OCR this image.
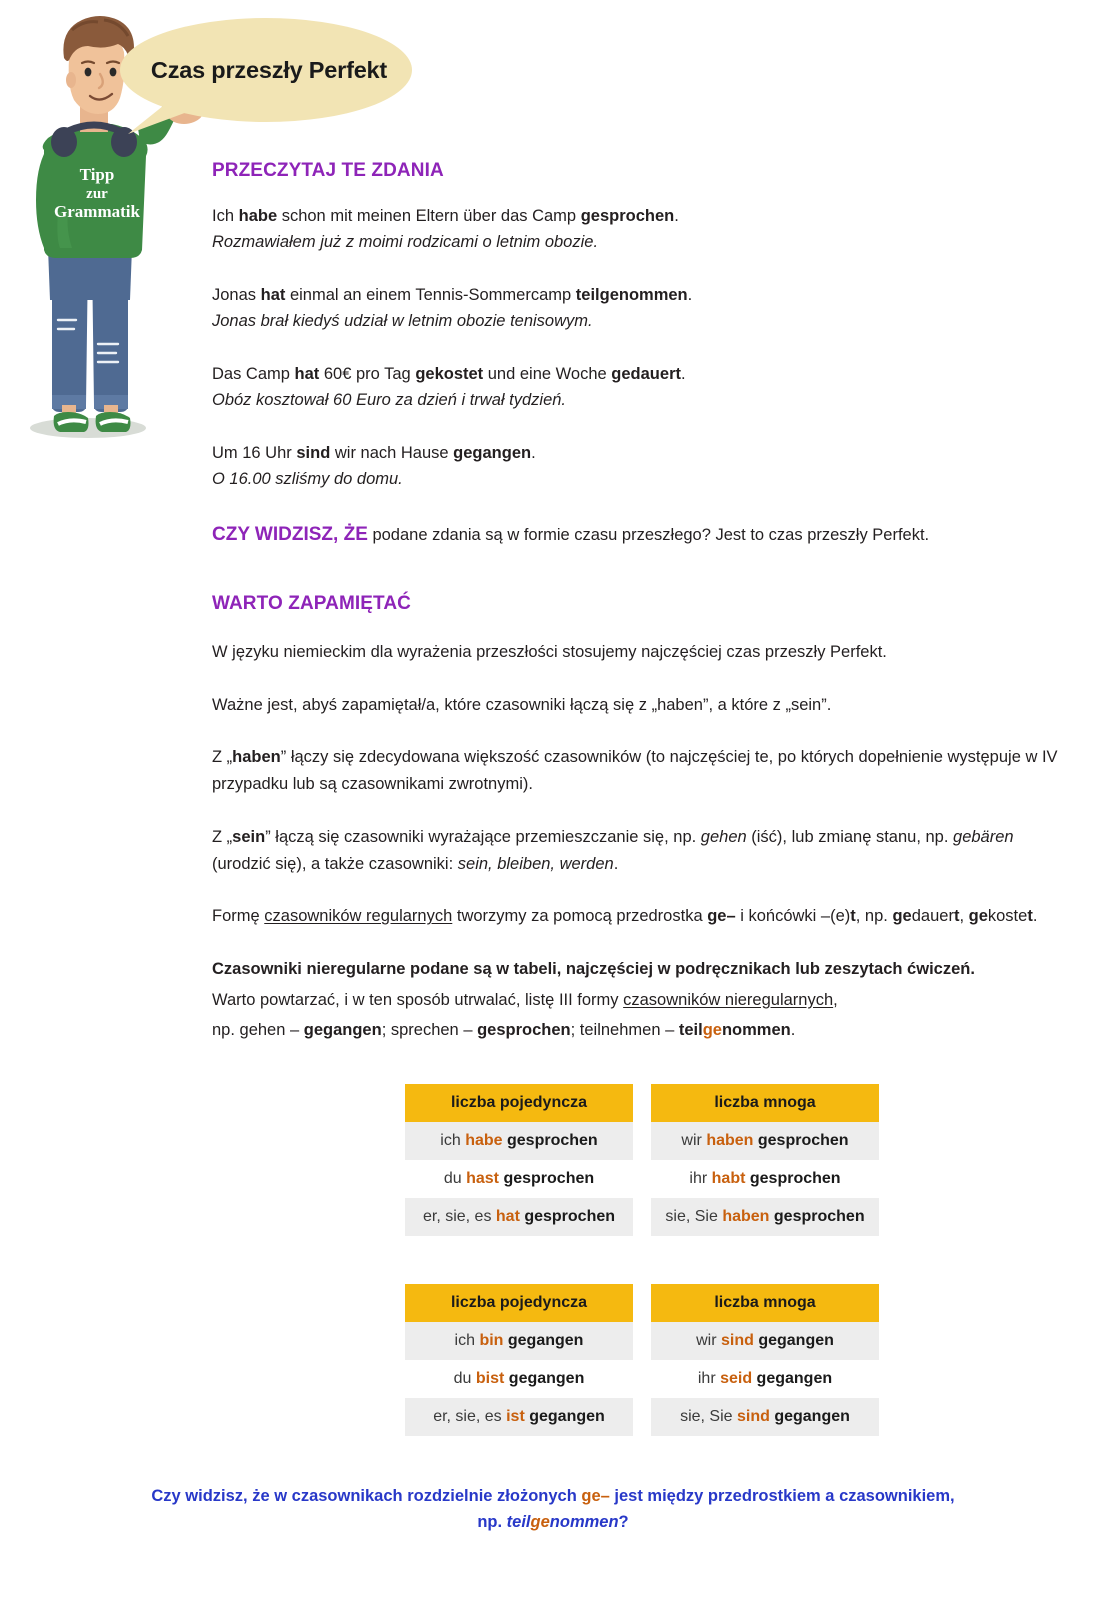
Tipp
zur
Grammatik
Czas przeszły Perfekt
PRZECZYTAJ TE ZDANIA

Ich habe schon mit meinen Eltern über das Camp gesprochen.

Rozmawiałem już z moimi rodzicami o letnim obozie.

Jonas hat einmal an einem Tennis-Sommercamp teilgenommen.

Jonas brał kiedyś udział w letnim obozie tenisowym.

Das Camp hat 60€ pro Tag gekostet und eine Woche gedauert.

Obóz kosztował 60 Euro za dzień i trwał tydzień.

Um 16 Uhr sind wir nach Hause gegangen.

O 16.00 szliśmy do domu.

CZY WIDZISZ, ŻE podane zdania są w formie czasu przeszłego? Jest to czas przeszły Perfekt.

WARTO ZAPAMIĘTAĆ

W języku niemieckim dla wyrażenia przeszłości stosujemy najczęściej czas przeszły Perfekt.

Ważne jest, abyś zapamiętał/a, które czasowniki łączą się z „haben”, a które z „sein”.

Z „haben” łączy się zdecydowana większość czasowników (to najczęściej te, po których dopełnienie występuje w IV przypadku lub są czasownikami zwrotnymi).

Z „sein” łączą się czasowniki wyrażające przemieszczanie się, np. gehen (iść), lub zmianę stanu, np. gebären (urodzić się), a także czasowniki: sein, bleiben, werden.

Formę czasowników regularnych tworzymy za pomocą przedrostka ge– i końcówki –(e)t, np. gedauert, gekostet.

Czasowniki nieregularne podane są w tabeli, najczęściej w podręcznikach lub zeszytach ćwiczeń.

Warto powtarzać, i w ten sposób utrwalać, listę III formy czasowników nieregularnych,

np. gehen – gegangen; sprechen – gesprochen; teilnehmen – teilgenommen.

liczba pojedyncza
ich habe gesprochen
du hast gesprochen
er, sie, es hat gesprochen
liczba mnoga
wir haben gesprochen
ihr habt gesprochen
sie, Sie haben gesprochen
liczba pojedyncza
ich bin gegangen
du bist gegangen
er, sie, es ist gegangen
liczba mnoga
wir sind gegangen
ihr seid gegangen
sie, Sie sind gegangen
Czy widzisz, że w czasownikach rozdzielnie złożonych ge– jest między przedrostkiem a czasownikiem,
np. teilgenommen?
